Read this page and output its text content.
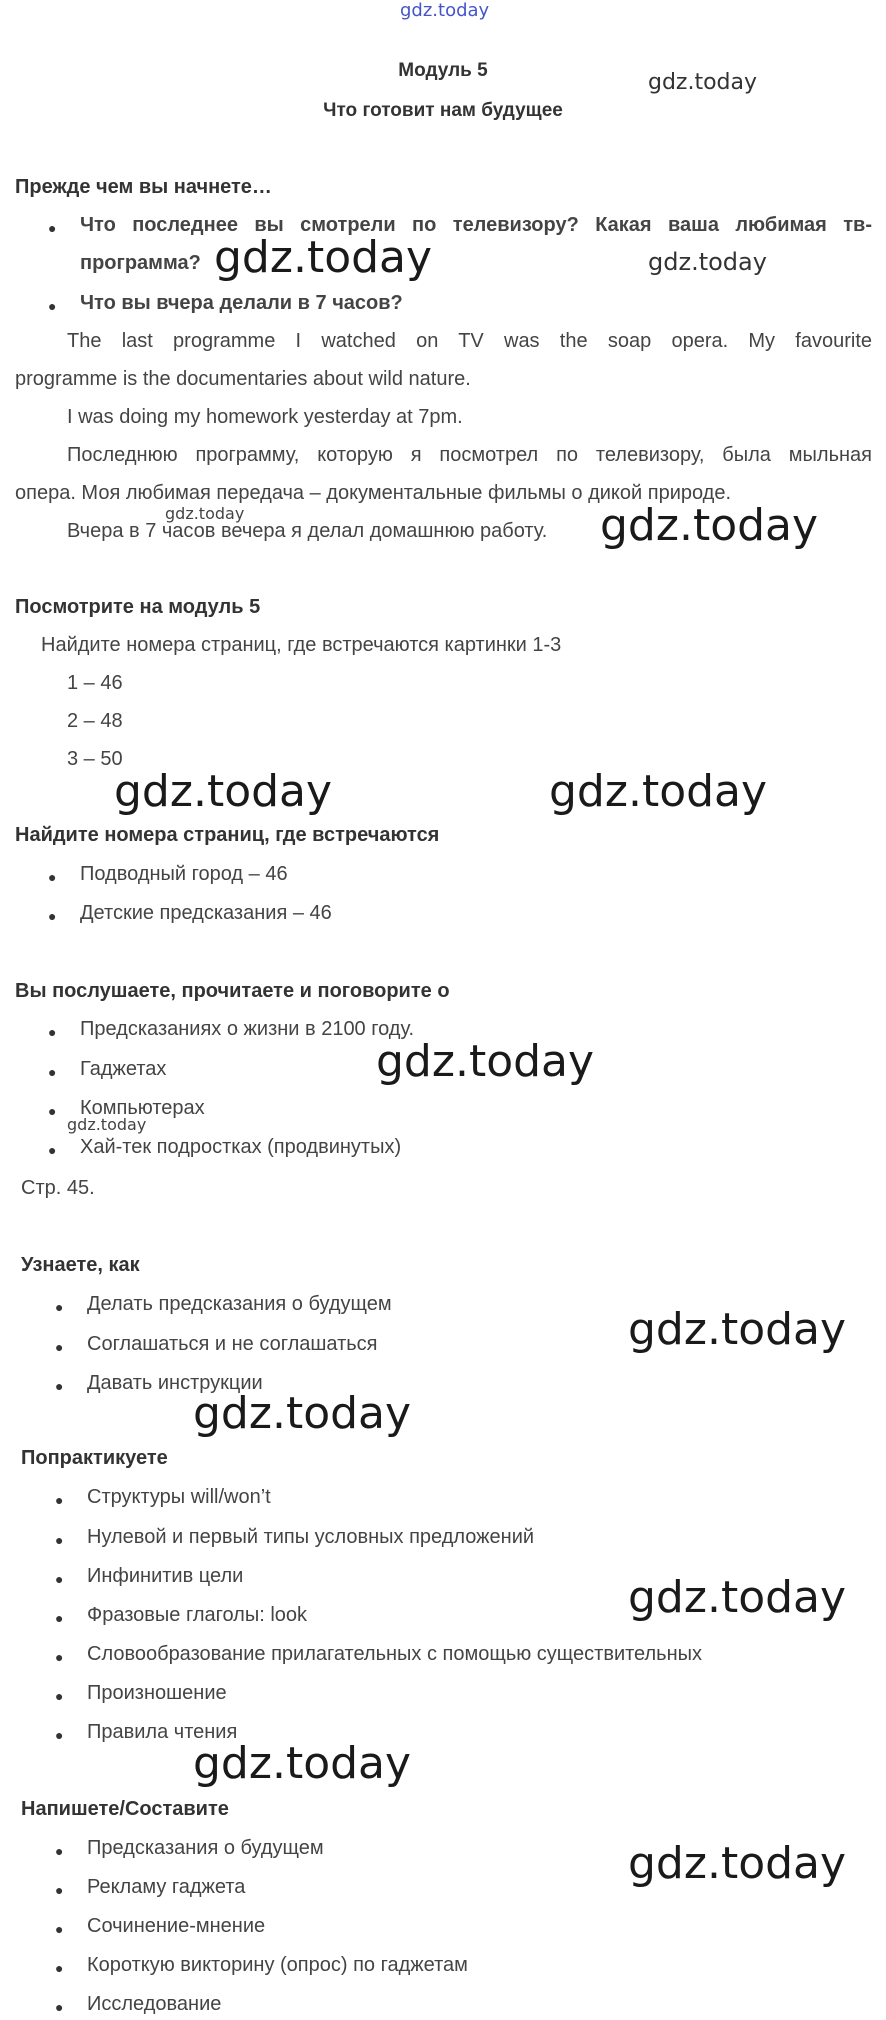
gdz.today
Модуль 5
Что готовит нам будущее
gdz.today
Прежде чем вы начнете…
● Что последнее вы смотрели по телевизору? Какая ваша любимая тв-
программа? gdz.today	gdz.today
● Что вы вчера делали в 7 часов?
The last programme I watched on TV was the soap opera. My favourite
programme is the documentaries about wild nature.
I was doing my homework yesterday at 7pm.
Последнюю программу, которую я посмотрел по телевизору, была мыльная
опера. Моя любимая передача – документальные фильмы о дикой природе.
gdz.today
Вчера в 7 часов вечера я делал домашнюю работу. gdz.today
Посмотрите на модуль 5
Найдите номера страниц, где встречаются картинки 1-3
1 – 46
2 – 48
3 – 50
gdz.today	gdz.today
Найдите номера страниц, где встречаются
● Подводный город – 46
● Детские предсказания – 46
Вы послушаете, прочитаете и поговорите о
● Предсказаниях о жизни в 2100 году.
● Гаджетах	gdz.today
● Компьютерах
gdz.today
● Хай-тек подростках (продвинутых)
Стр. 45.
Узнаете, как
● Делать предсказания о будущем
● Соглашаться и не соглашаться	gdz.today
● Давать инструкции
gdz.today
Попрактикуете
● Структуры will/won’t
● Нулевой и первый типы условных предложений
● Инфинитив цели
● Фразовые глаголы: look	gdz.today
● Словообразование прилагательных с помощью существительных
● Произношение
● Правила чтения
gdz.today
Напишете/Составите
● Предсказания о будущем	gdz.today
● Рекламу гаджета
● Сочинение-мнение
● Короткую викторину (опрос) по гаджетам
● Исследование
